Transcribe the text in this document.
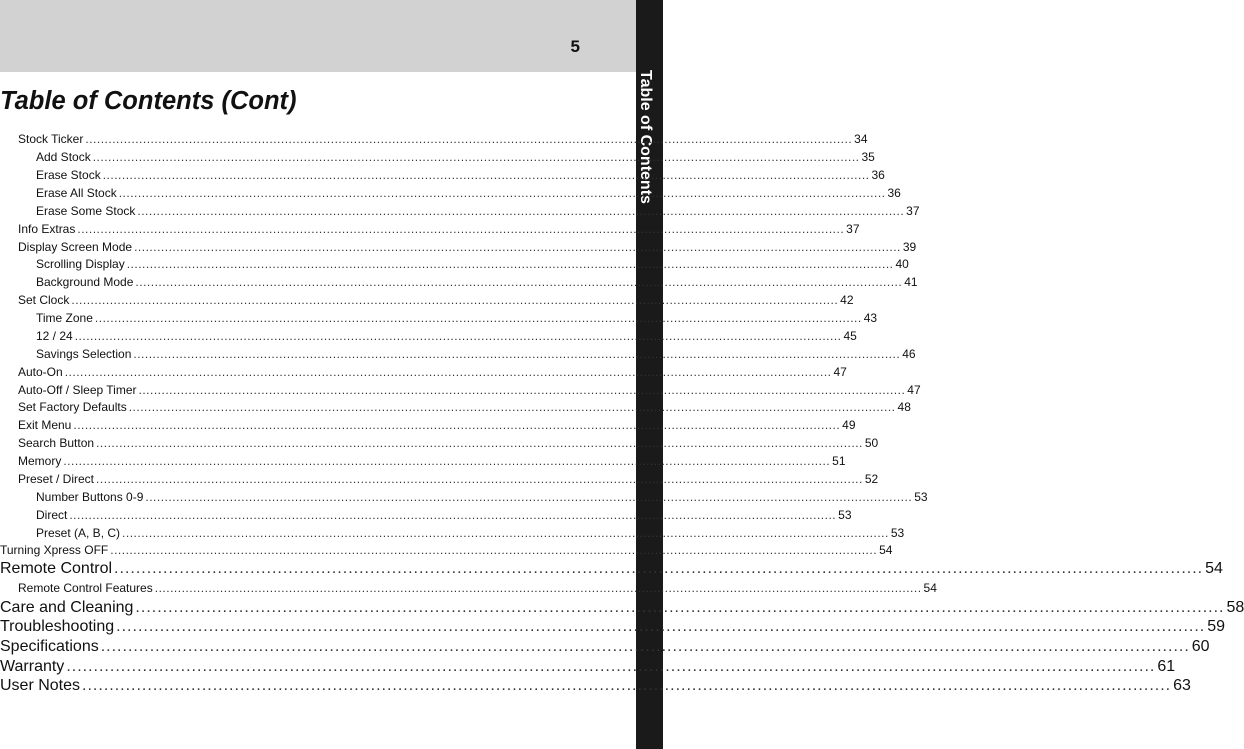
5
Table of Contents
Table of Contents (Cont)
Stock Ticker ........................................................................................................................................................................................................ 34
Add Stock ........................................................................................................................................................................................................ 35
Erase Stock ........................................................................................................................................................................................................ 36
Erase All Stock ........................................................................................................................................................................................................ 36
Erase Some Stock ........................................................................................................................................................................................................ 37
Info Extras ........................................................................................................................................................................................................ 37
Display Screen Mode ........................................................................................................................................................................................................ 39
Scrolling Display ........................................................................................................................................................................................................ 40
Background Mode ........................................................................................................................................................................................................ 41
Set Clock ........................................................................................................................................................................................................ 42
Time Zone ........................................................................................................................................................................................................ 43
12 / 24 ........................................................................................................................................................................................................ 45
Savings Selection ........................................................................................................................................................................................................ 46
Auto-On ........................................................................................................................................................................................................ 47
Auto-Off / Sleep Timer ........................................................................................................................................................................................................ 47
Set Factory Defaults ........................................................................................................................................................................................................ 48
Exit Menu ........................................................................................................................................................................................................ 49
Search Button ........................................................................................................................................................................................................ 50
Memory ........................................................................................................................................................................................................ 51
Preset / Direct ........................................................................................................................................................................................................ 52
Number Buttons 0-9 ........................................................................................................................................................................................................ 53
Direct ........................................................................................................................................................................................................ 53
Preset (A, B, C) ........................................................................................................................................................................................................ 53
Turning Xpress OFF ........................................................................................................................................................................................................ 54
Remote Control ........................................................................................................................................................................................................ 54
Remote Control Features ........................................................................................................................................................................................................ 54
Care and Cleaning ........................................................................................................................................................................................................ 58
Troubleshooting ........................................................................................................................................................................................................ 59
Specifications ........................................................................................................................................................................................................ 60
Warranty ........................................................................................................................................................................................................ 61
User Notes ........................................................................................................................................................................................................ 63
